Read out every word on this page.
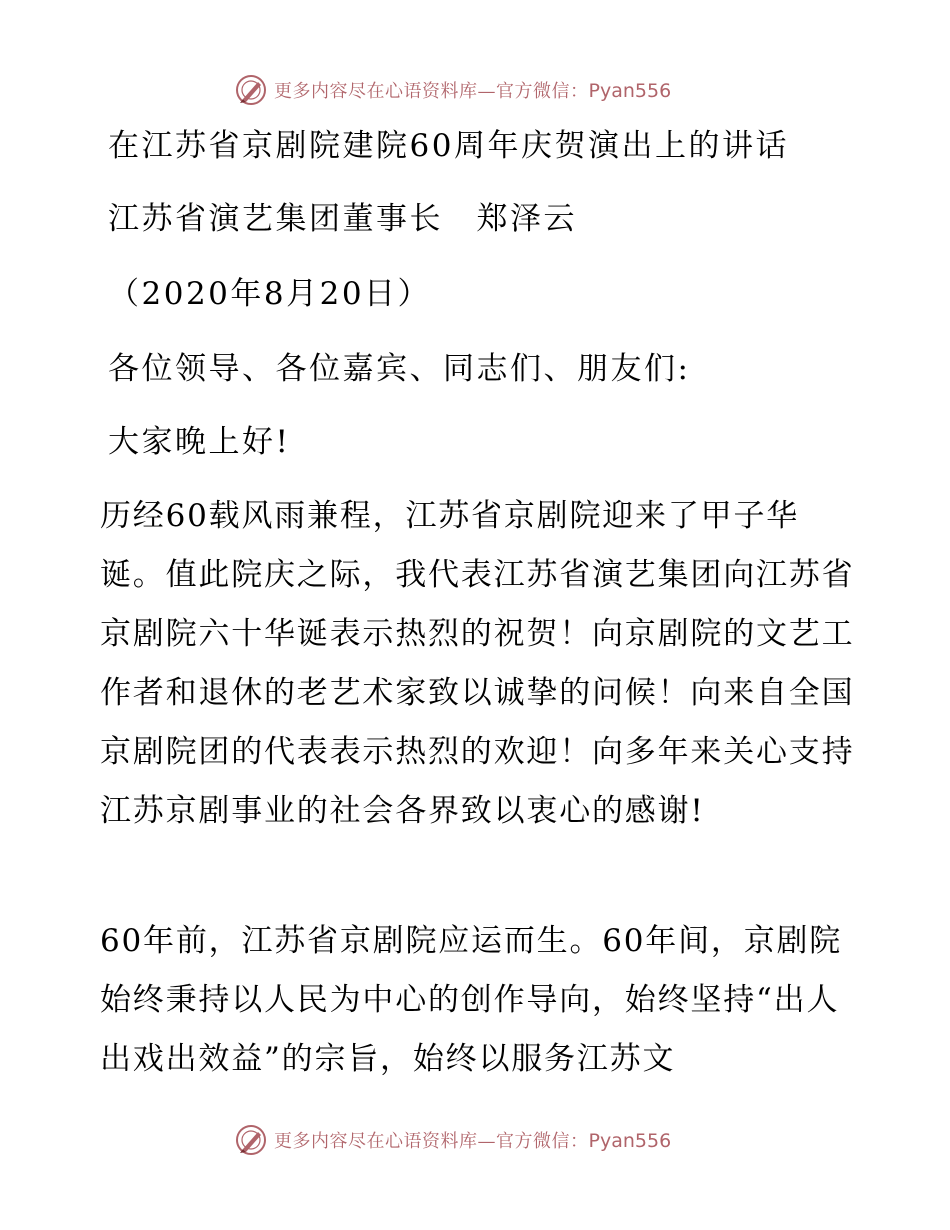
更多内容尽在心语资料库—官方微信：Pyan556
在江苏省京剧院建院60周年庆贺演出上的讲话
江苏省演艺集团董事长　郑泽云
（2020年8月20日）
各位领导、各位嘉宾、同志们、朋友们:
大家晚上好!

历经60载风雨兼程，江苏省京剧院迎来了甲子华诞。值此院庆之际，我代表江苏省演艺集团向江苏省京剧院六十华诞表示热烈的祝贺！向京剧院的文艺工作者和退休的老艺术家致以诚挚的问候！向来自全国京剧院团的代表表示热烈的欢迎！向多年来关心支持江苏京剧事业的社会各界致以衷心的感谢!

60年前，江苏省京剧院应运而生。60年间，京剧院始终秉持以人民为中心的创作导向，始终坚持“出人出戏出效益”的宗旨，始终以服务江苏文

更多内容尽在心语资料库—官方微信：Pyan556
